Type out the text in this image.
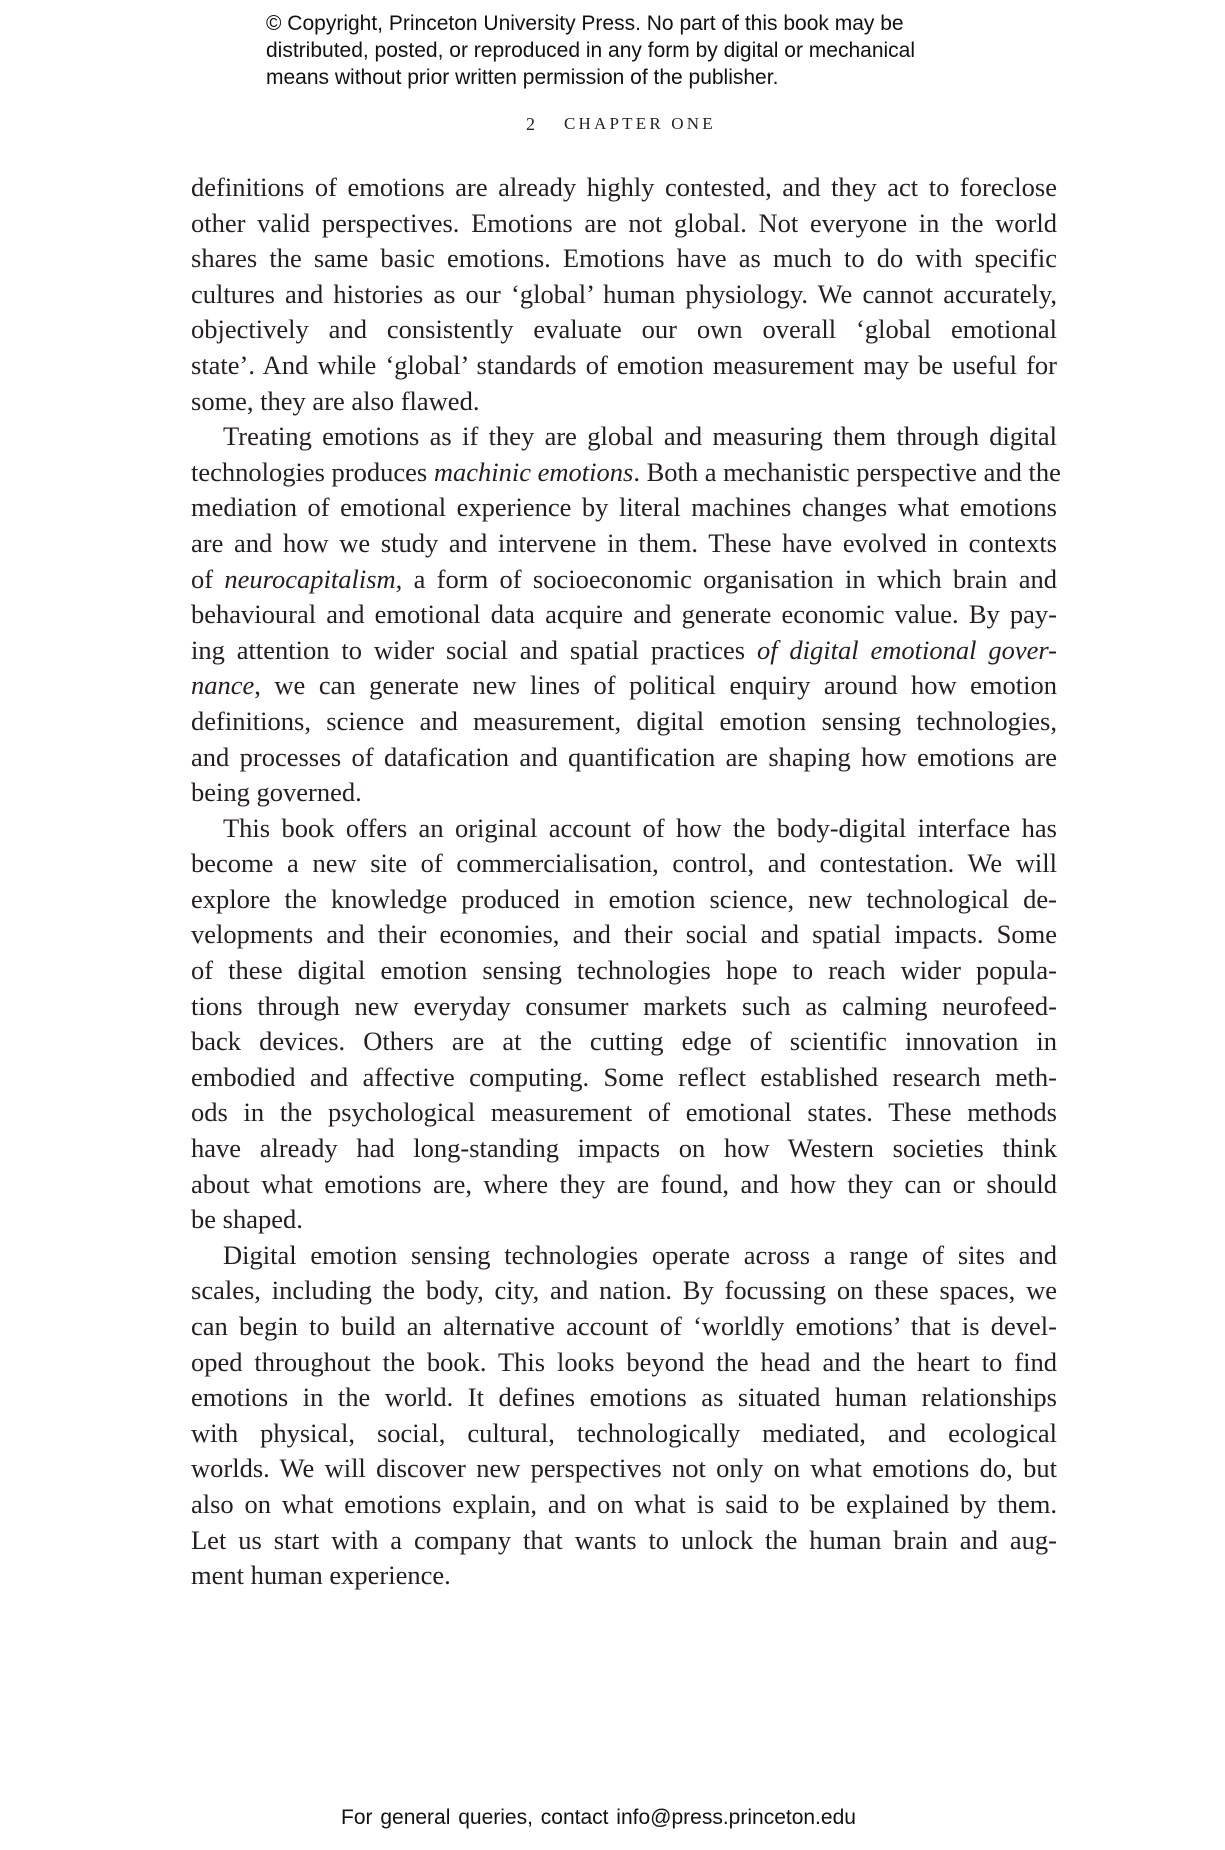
© Copyright, Princeton University Press. No part of this book may be
distributed, posted, or reproduced in any form by digital or mechanical
means without prior written permission of the publisher.
2 CHAPTER ONE
definitions of emotions are already highly contested, and they act to foreclose
other valid perspectives. Emotions are not global. Not everyone in the world
shares the same basic emotions. Emotions have as much to do with specific
cultures and histories as our ‘global’ human physiology. We cannot accurately,
objectively and consistently evaluate our own overall ‘global emotional
state’. And while ‘global’ standards of emotion measurement may be useful for
some, they are also flawed.
Treating emotions as if they are global and measuring them through digital
technologies produces machinic emotions. Both a mechanistic perspective and the
mediation of emotional experience by literal machines changes what emotions
are and how we study and intervene in them. These have evolved in contexts
of neurocapitalism, a form of socioeconomic organisation in which brain and
behavioural and emotional data acquire and generate economic value. By pay-
ing attention to wider social and spatial practices of digital emotional gover-
nance, we can generate new lines of political enquiry around how emotion
definitions, science and measurement, digital emotion sensing technologies,
and processes of datafication and quantification are shaping how emotions are
being governed.
This book offers an original account of how the body-digital interface has
become a new site of commercialisation, control, and contestation. We will
explore the knowledge produced in emotion science, new technological de-
velopments and their economies, and their social and spatial impacts. Some
of these digital emotion sensing technologies hope to reach wider popula-
tions through new everyday consumer markets such as calming neurofeed-
back devices. Others are at the cutting edge of scientific innovation in
embodied and affective computing. Some reflect established research meth-
ods in the psychological measurement of emotional states. These methods
have already had long-standing impacts on how Western societies think
about what emotions are, where they are found, and how they can or should
be shaped.
Digital emotion sensing technologies operate across a range of sites and
scales, including the body, city, and nation. By focussing on these spaces, we
can begin to build an alternative account of ‘worldly emotions’ that is devel-
oped throughout the book. This looks beyond the head and the heart to find
emotions in the world. It defines emotions as situated human relationships
with physical, social, cultural, technologically mediated, and ecological
worlds. We will discover new perspectives not only on what emotions do, but
also on what emotions explain, and on what is said to be explained by them.
Let us start with a company that wants to unlock the human brain and aug-
ment human experience.
For general queries, contact info@press.princeton.edu
